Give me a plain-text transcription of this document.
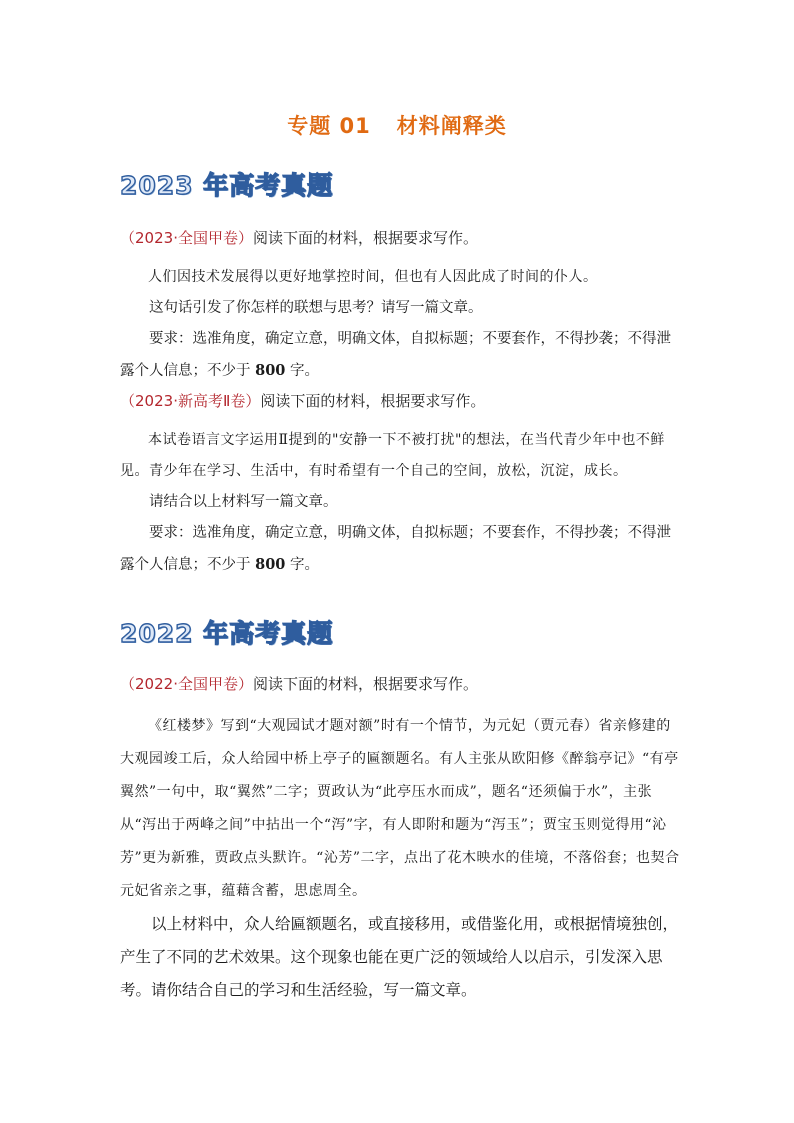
专题 01 材料阐释类
2023 年高考真题
（2023·全国甲卷）阅读下面的材料，根据要求写作。

人们因技术发展得以更好地掌控时间，但也有人因此成了时间的仆人。

这句话引发了你怎样的联想与思考？请写一篇文章。

要求：选准角度，确定立意，明确文体，自拟标题；不要套作，不得抄袭；不得泄露个人信息；不少于 800 字。

（2023·新高考Ⅱ卷）阅读下面的材料，根据要求写作。

本试卷语言文字运用Ⅱ提到的"安静一下不被打扰"的想法，在当代青少年中也不鲜见。青少年在学习、生活中，有时希望有一个自己的空间，放松，沉淀，成长。

请结合以上材料写一篇文章。

要求：选准角度，确定立意，明确文体，自拟标题；不要套作，不得抄袭；不得泄露个人信息；不少于 800 字。

2022 年高考真题
（2022·全国甲卷）阅读下面的材料，根据要求写作。

《红楼梦》写到“大观园试才题对额”时有一个情节，为元妃（贾元春）省亲修建的大观园竣工后，众人给园中桥上亭子的匾额题名。有人主张从欧阳修《醉翁亭记》“有亭翼然”一句中，取“翼然”二字；贾政认为“此亭压水而成”，题名“还须偏于水”，主张从“泻出于两峰之间”中拈出一个“泻”字，有人即附和题为“泻玉”；贾宝玉则觉得用“沁芳”更为新雅，贾政点头默许。“沁芳”二字，点出了花木映水的佳境，不落俗套；也契合元妃省亲之事，蕴藉含蓄，思虑周全。

以上材料中，众人给匾额题名，或直接移用，或借鉴化用，或根据情境独创，产生了不同的艺术效果。这个现象也能在更广泛的领域给人以启示，引发深入思考。请你结合自己的学习和生活经验，写一篇文章。
